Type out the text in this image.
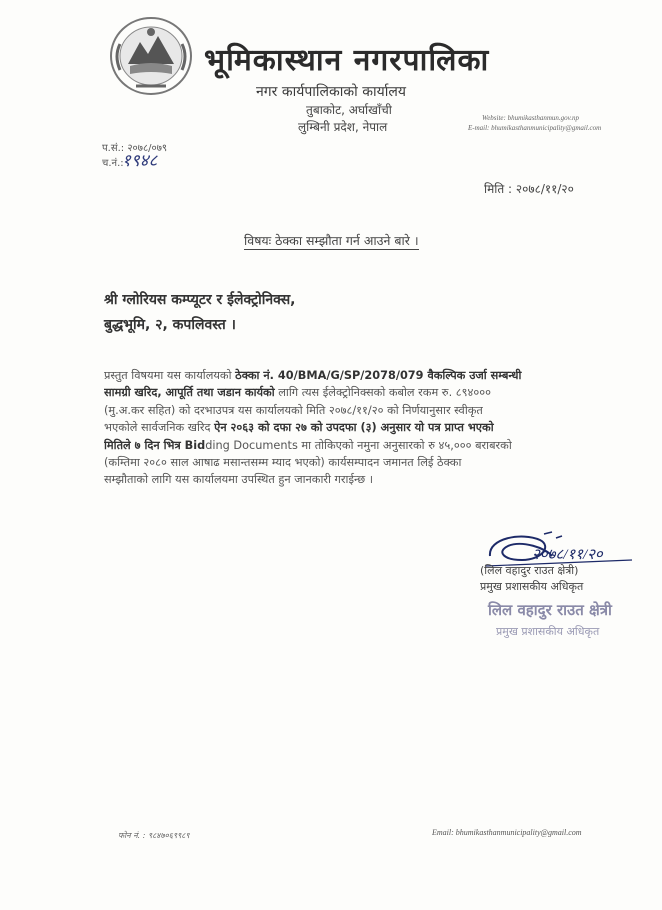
भूमिकास्थान नगरपालिका
नगर कार्यपालिकाको कार्यालय
तुबाकोट, अर्घाखाँची
लुम्बिनी प्रदेश, नेपाल
Website: bhumikasthanmun.gov.np
E-mail: bhumikasthanmunicipality@gmail.com
प.सं.: २०७८/०७९
च.नं.:
१९४८
मिति : २०७८/११/२०
विषयः ठेक्का सम्झौता गर्न आउने बारे ।
श्री ग्लोरियस कम्प्यूटर र ईलेक्ट्रोनिक्स,
बुद्धभूमि, २, कपलिवस्त ।
प्रस्तुत विषयमा यस कार्यालयको ठेक्का नं. 40/BMA/G/SP/2078/079 वैकल्पिक उर्जा सम्बन्धी
सामग्री खरिद, आपूर्ति तथा जडान कार्यको लागि त्यस ईलेक्ट्रोनिक्सको कबोल रकम रु. ८९४०००
(मु.अ.कर सहित) को दरभाउपत्र यस कार्यालयको मिति २०७८/११/२० को निर्णयानुसार स्वीकृत
भएकोले सार्वजनिक खरिद ऐन २०६३ को दफा २७ को उपदफा (३) अनुसार यो पत्र प्राप्त भएको
मितिले ७ दिन भित्र Bidding Documents मा तोकिएको नमुना अनुसारको रु ४५,००० बराबरको
(कम्तिमा २०८० साल आषाढ मसान्तसम्म म्याद भएको) कार्यसम्पादन जमानत लिई ठेक्का
सम्झौताको लागि यस कार्यालयमा उपस्थित हुन जानकारी गराईन्छ ।
२०७८/११/२०
(लिल वहादुर राउत क्षेत्री)
प्रमुख प्रशासकीय अधिकृत
लिल वहादुर राउत क्षेत्री
प्रमुख प्रशासकीय अधिकृत
फोन नं. : ९८४७०६९९८९	Email: bhumikasthanmunicipality@gmail.com
